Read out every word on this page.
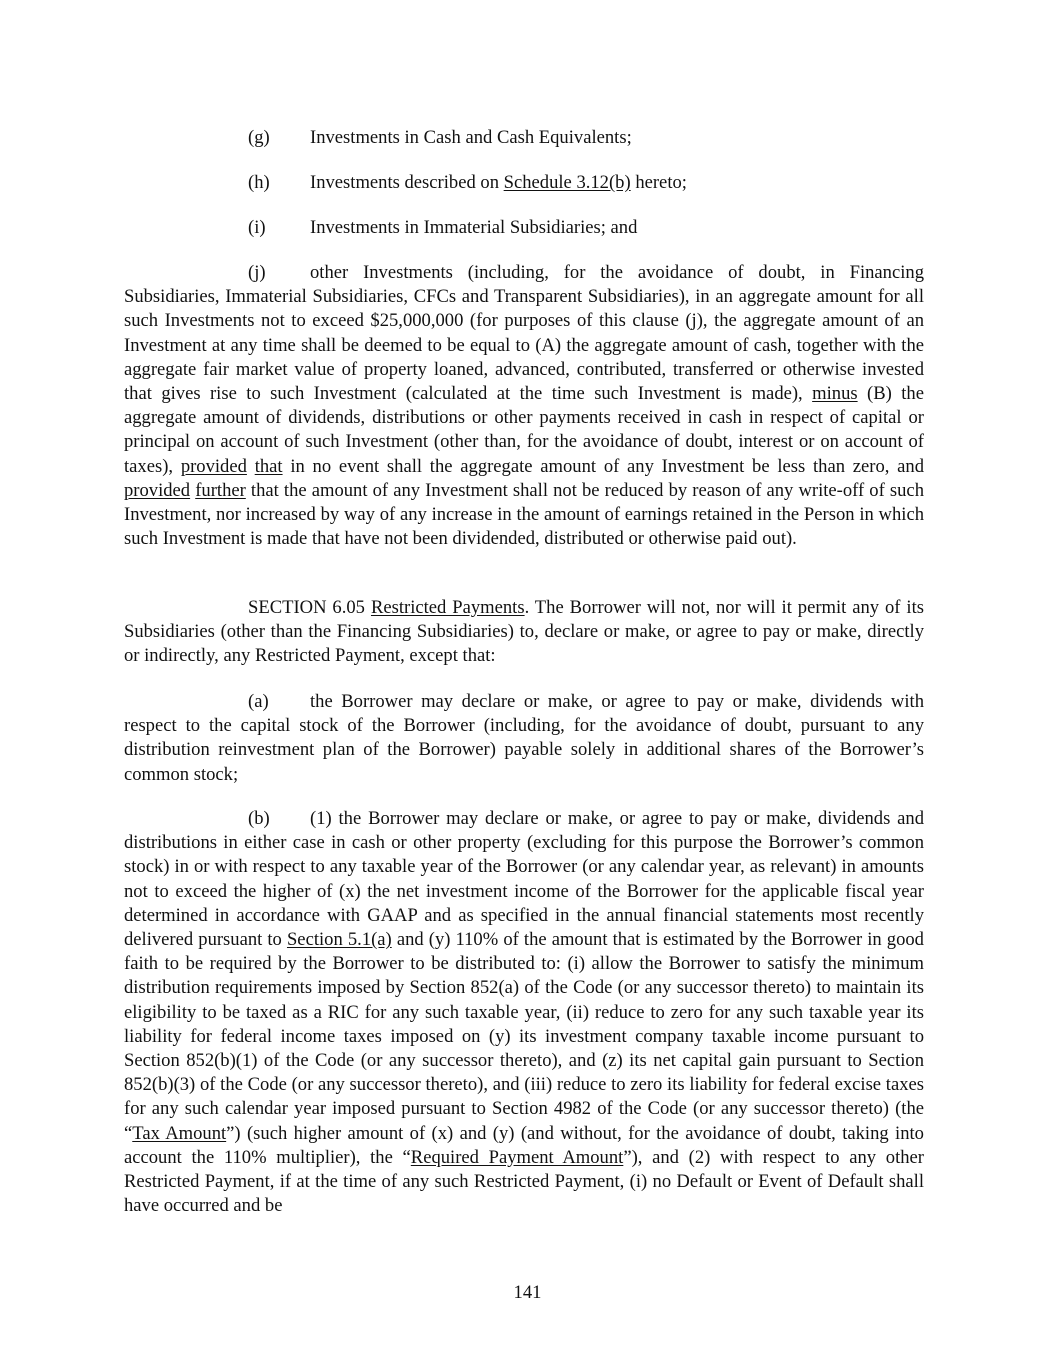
(g) Investments in Cash and Cash Equivalents;
(h) Investments described on Schedule 3.12(b) hereto;
(i) Investments in Immaterial Subsidiaries; and
(j) other Investments (including, for the avoidance of doubt, in Financing Subsidiaries, Immaterial Subsidiaries, CFCs and Transparent Subsidiaries), in an aggregate amount for all such Investments not to exceed $25,000,000 (for purposes of this clause (j), the aggregate amount of an Investment at any time shall be deemed to be equal to (A) the aggregate amount of cash, together with the aggregate fair market value of property loaned, advanced, contributed, transferred or otherwise invested that gives rise to such Investment (calculated at the time such Investment is made), minus (B) the aggregate amount of dividends, distributions or other payments received in cash in respect of capital or principal on account of such Investment (other than, for the avoidance of doubt, interest or on account of taxes), provided that in no event shall the aggregate amount of any Investment be less than zero, and provided further that the amount of any Investment shall not be reduced by reason of any write-off of such Investment, nor increased by way of any increase in the amount of earnings retained in the Person in which such Investment is made that have not been dividended, distributed or otherwise paid out).
SECTION 6.05 Restricted Payments. The Borrower will not, nor will it permit any of its Subsidiaries (other than the Financing Subsidiaries) to, declare or make, or agree to pay or make, directly or indirectly, any Restricted Payment, except that:
(a) the Borrower may declare or make, or agree to pay or make, dividends with respect to the capital stock of the Borrower (including, for the avoidance of doubt, pursuant to any distribution reinvestment plan of the Borrower) payable solely in additional shares of the Borrower’s common stock;
(b) (1) the Borrower may declare or make, or agree to pay or make, dividends and distributions in either case in cash or other property (excluding for this purpose the Borrower’s common stock) in or with respect to any taxable year of the Borrower (or any calendar year, as relevant) in amounts not to exceed the higher of (x) the net investment income of the Borrower for the applicable fiscal year determined in accordance with GAAP and as specified in the annual financial statements most recently delivered pursuant to Section 5.1(a) and (y) 110% of the amount that is estimated by the Borrower in good faith to be required by the Borrower to be distributed to: (i) allow the Borrower to satisfy the minimum distribution requirements imposed by Section 852(a) of the Code (or any successor thereto) to maintain its eligibility to be taxed as a RIC for any such taxable year, (ii) reduce to zero for any such taxable year its liability for federal income taxes imposed on (y) its investment company taxable income pursuant to Section 852(b)(1) of the Code (or any successor thereto), and (z) its net capital gain pursuant to Section 852(b)(3) of the Code (or any successor thereto), and (iii) reduce to zero its liability for federal excise taxes for any such calendar year imposed pursuant to Section 4982 of the Code (or any successor thereto) (the “Tax Amount”) (such higher amount of (x) and (y) (and without, for the avoidance of doubt, taking into account the 110% multiplier), the “Required Payment Amount”), and (2) with respect to any other Restricted Payment, if at the time of any such Restricted Payment, (i) no Default or Event of Default shall have occurred and be
141
